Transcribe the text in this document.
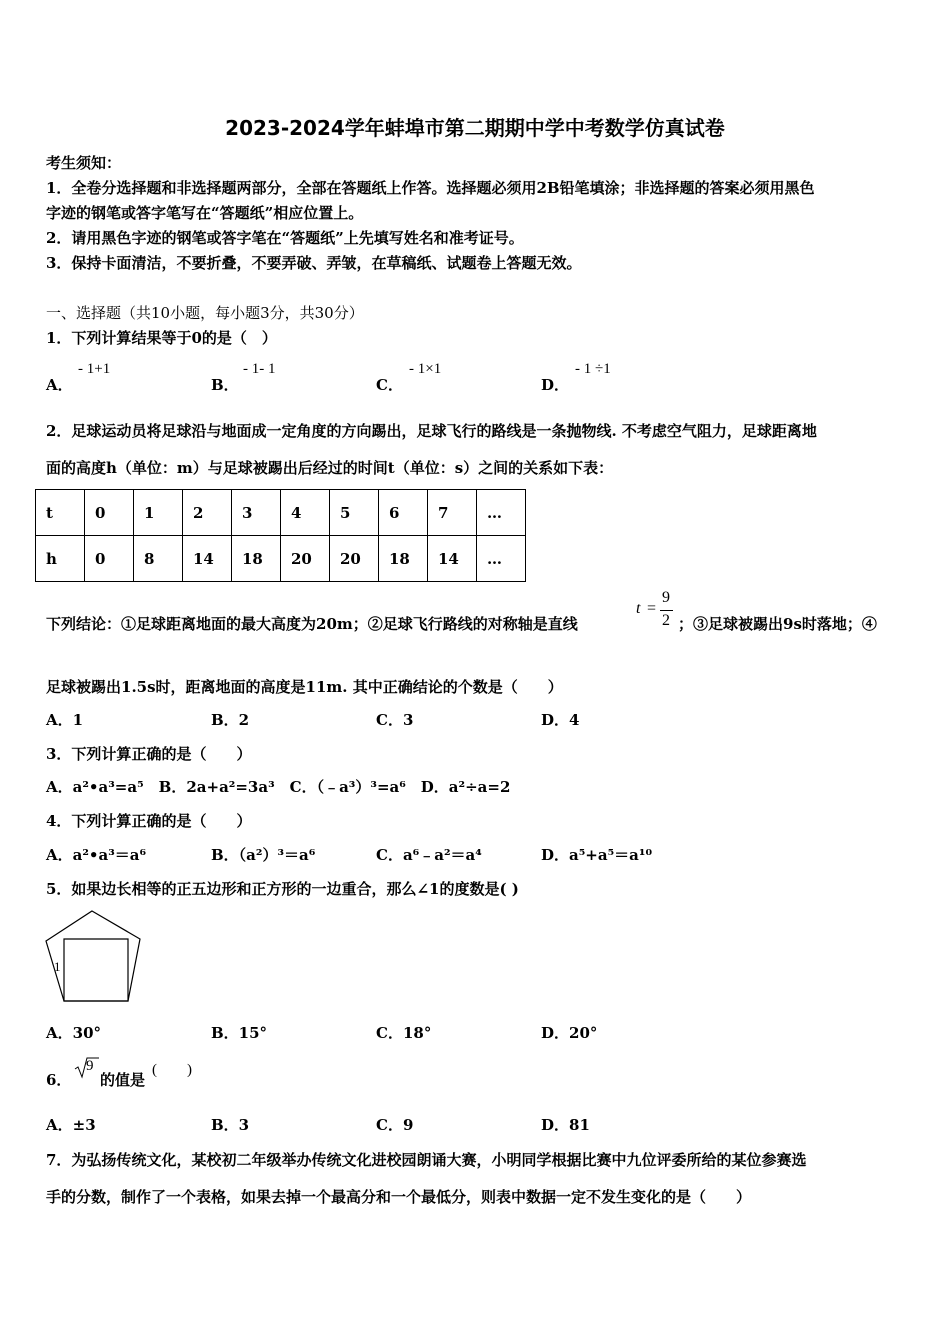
2023-2024学年蚌埠市第二期期中学中考数学仿真试卷
考生须知：
1．全卷分选择题和非选择题两部分，全部在答题纸上作答。选择题必须用2B铅笔填涂；非选择题的答案必须用黑色
字迹的钢笔或答字笔写在“答题纸”相应位置上。
2．请用黑色字迹的钢笔或答字笔在“答题纸”上先填写姓名和准考证号。
3．保持卡面清洁，不要折叠，不要弄破、弄皱，在草稿纸、试题卷上答题无效。
一、选择题（共10小题，每小题3分，共30分）
1．下列计算结果等于0的是（　）
A．
- 1+1
B．
- 1- 1
C．
- 1×1
D．
- 1 ÷1
2．足球运动员将足球沿与地面成一定角度的方向踢出，足球飞行的路线是一条抛物线. 不考虑空气阻力，足球距离地
面的高度h（单位：m）与足球被踢出后经过的时间t（单位：s）之间的关系如下表：
t	0	1	2	3	4	5	6	7	…
h	0	8	14	18	20	20	18	14	…
下列结论：①足球距离地面的最大高度为20m；②足球飞行路线的对称轴是直线
t =
9
2 ；③足球被踢出9s时落地；④
足球被踢出1.5s时，距离地面的高度是11m. 其中正确结论的个数是（　　）
A．1	B．2	C．3	D．4
3．下列计算正确的是（　　）
A．a²•a³=a⁵　B．2a+a²=3a³　C．（﹣a³）³=a⁶　D．a²÷a=2
4．下列计算正确的是（　　）
A．a²•a³＝a⁶	B．（a²）³＝a⁶	C．a⁶﹣a²＝a⁴	D．a⁵+a⁵＝a¹⁰
5．如果边长相等的正五边形和正方形的一边重合，那么∠1的度数是( )
1
A．30°	B．15°	C．18°	D．20°
6．
9
的值是
(　　)
A．±3	B．3	C．9	D．81
7．为弘扬传统文化，某校初二年级举办传统文化进校园朗诵大赛，小明同学根据比赛中九位评委所给的某位参赛选
手的分数，制作了一个表格，如果去掉一个最高分和一个最低分，则表中数据一定不发生变化的是（　　）
